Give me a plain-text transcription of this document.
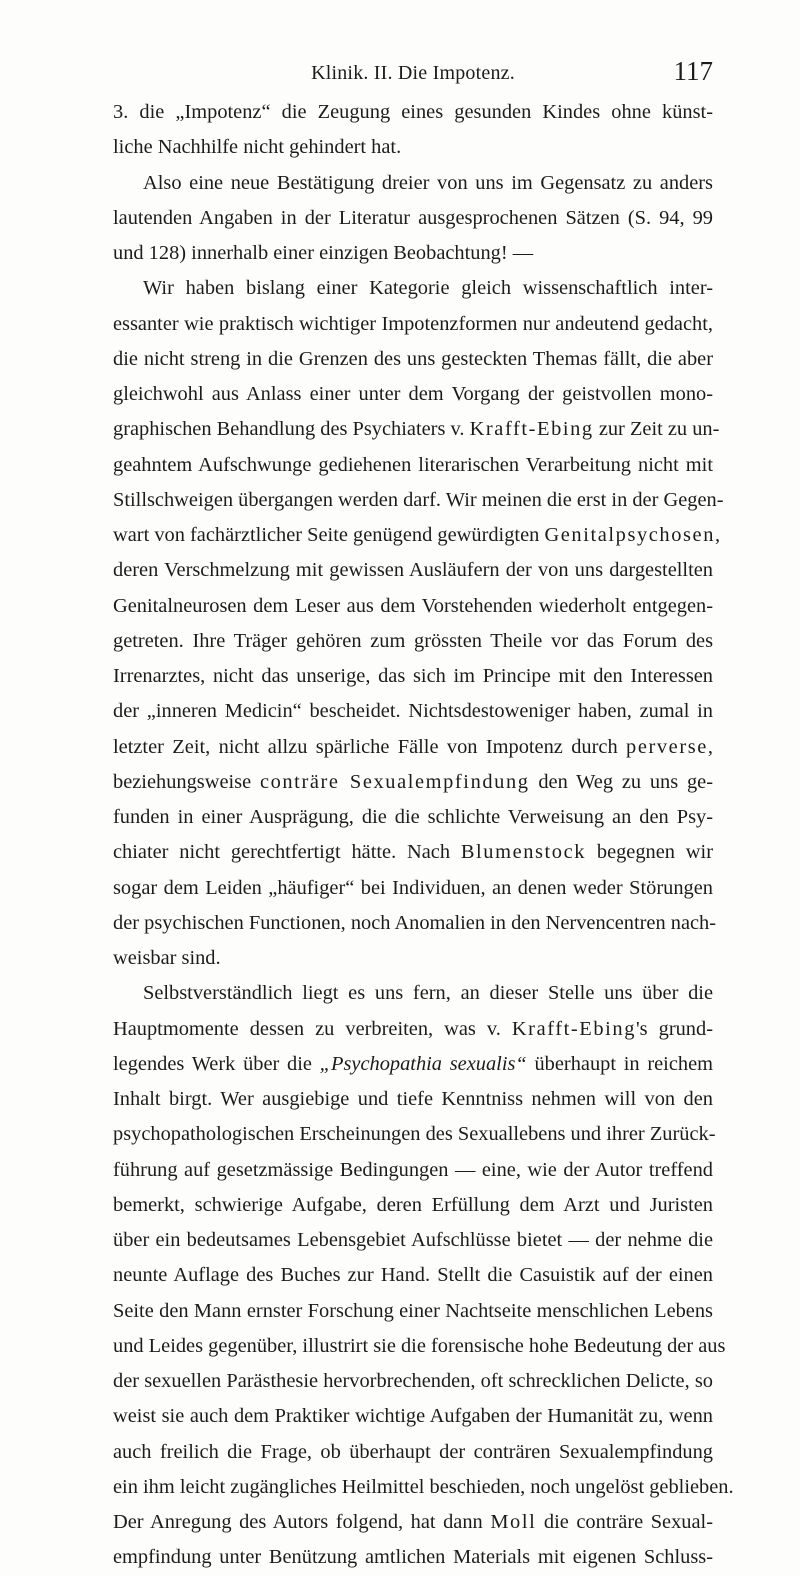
Klinik. II. Die Impotenz.	117
3. die „Impotenz“ die Zeugung eines gesunden Kindes ohne künst-
liche Nachhilfe nicht gehindert hat.
Also eine neue Bestätigung dreier von uns im Gegensatz zu anders
lautenden Angaben in der Literatur ausgesprochenen Sätzen (S. 94, 99
und 128) innerhalb einer einzigen Beobachtung! —
Wir haben bislang einer Kategorie gleich wissenschaftlich inter-
essanter wie praktisch wichtiger Impotenzformen nur andeutend gedacht,
die nicht streng in die Grenzen des uns gesteckten Themas fällt, die aber
gleichwohl aus Anlass einer unter dem Vorgang der geistvollen mono-
graphischen Behandlung des Psychiaters v. Krafft-Ebing zur Zeit zu un-
geahntem Aufschwunge gediehenen literarischen Verarbeitung nicht mit
Stillschweigen übergangen werden darf. Wir meinen die erst in der Gegen-
wart von fachärztlicher Seite genügend gewürdigten Genitalpsychosen,
deren Verschmelzung mit gewissen Ausläufern der von uns dargestellten
Genitalneurosen dem Leser aus dem Vorstehenden wiederholt entgegen-
getreten. Ihre Träger gehören zum grössten Theile vor das Forum des
Irrenarztes, nicht das unserige, das sich im Principe mit den Interessen
der „inneren Medicin“ bescheidet. Nichtsdestoweniger haben, zumal in
letzter Zeit, nicht allzu spärliche Fälle von Impotenz durch perverse,
beziehungsweise conträre Sexualempfindung den Weg zu uns ge-
funden in einer Ausprägung, die die schlichte Verweisung an den Psy-
chiater nicht gerechtfertigt hätte. Nach Blumenstock begegnen wir
sogar dem Leiden „häufiger“ bei Individuen, an denen weder Störungen
der psychischen Functionen, noch Anomalien in den Nervencentren nach-
weisbar sind.
Selbstverständlich liegt es uns fern, an dieser Stelle uns über die
Hauptmomente dessen zu verbreiten, was v. Krafft-Ebing's grund-
legendes Werk über die „Psychopathia sexualis“ überhaupt in reichem
Inhalt birgt. Wer ausgiebige und tiefe Kenntniss nehmen will von den
psychopathologischen Erscheinungen des Sexuallebens und ihrer Zurück-
führung auf gesetzmässige Bedingungen — eine, wie der Autor treffend
bemerkt, schwierige Aufgabe, deren Erfüllung dem Arzt und Juristen
über ein bedeutsames Lebensgebiet Aufschlüsse bietet — der nehme die
neunte Auflage des Buches zur Hand. Stellt die Casuistik auf der einen
Seite den Mann ernster Forschung einer Nachtseite menschlichen Lebens
und Leides gegenüber, illustrirt sie die forensische hohe Bedeutung der aus
der sexuellen Parästhesie hervorbrechenden, oft schrecklichen Delicte, so
weist sie auch dem Praktiker wichtige Aufgaben der Humanität zu, wenn
auch freilich die Frage, ob überhaupt der conträren Sexualempfindung
ein ihm leicht zugängliches Heilmittel beschieden, noch ungelöst geblieben.
Der Anregung des Autors folgend, hat dann Moll die conträre Sexual-
empfindung unter Benützung amtlichen Materials mit eigenen Schluss-
